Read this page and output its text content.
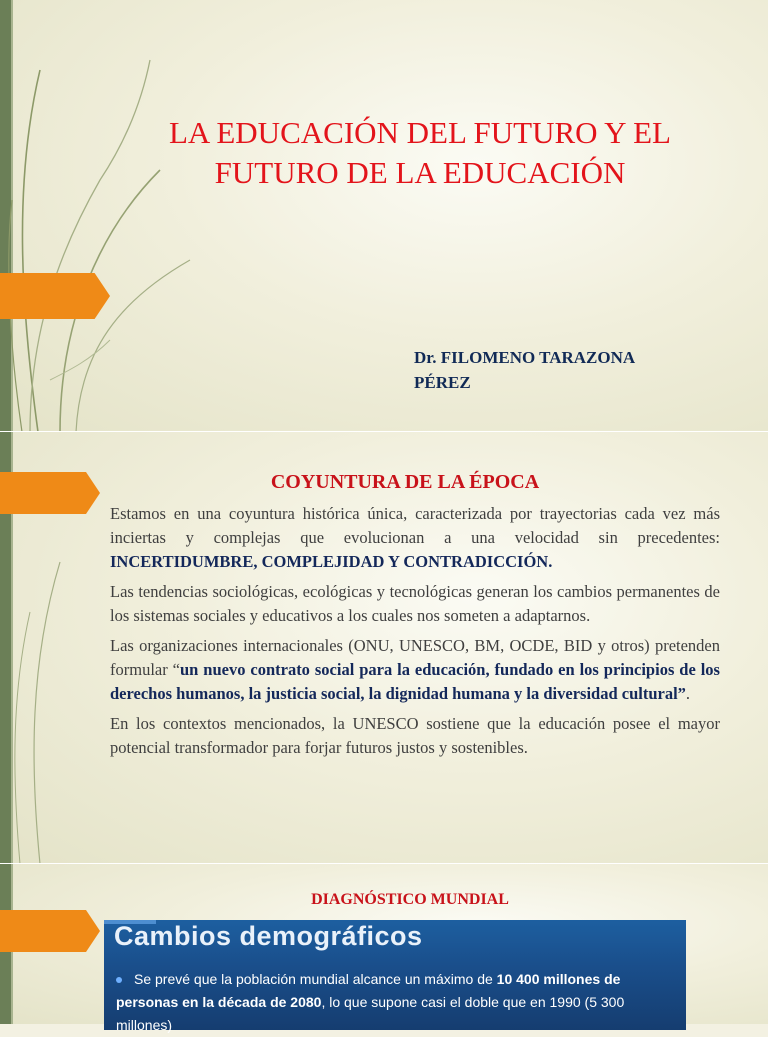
LA EDUCACIÓN DEL FUTURO Y EL
FUTURO DE LA EDUCACIÓN
Dr. FILOMENO TARAZONA
PÉREZ
COYUNTURA DE LA ÉPOCA
Estamos en una coyuntura histórica única, caracterizada por trayectorias cada vez más inciertas y complejas que evolucionan a una velocidad sin precedentes: INCERTIDUMBRE, COMPLEJIDAD Y CONTRADICCIÓN.
Las tendencias sociológicas, ecológicas y tecnológicas generan los cambios permanentes de los sistemas sociales y educativos a los cuales nos someten a adaptarnos.
Las organizaciones internacionales (ONU, UNESCO, BM, OCDE, BID y otros) pretenden formular “un nuevo contrato social para la educación, fundado en los principios de los derechos humanos, la justicia social, la dignidad humana y la diversidad cultural”.
En los contextos mencionados, la UNESCO sostiene que la educación posee el mayor potencial transformador para forjar futuros justos y sostenibles.
DIAGNÓSTICO MUNDIAL
Cambios demográficos
Se prevé que la población mundial alcance un máximo de 10 400 millones de personas en la década de 2080, lo que supone casi el doble que en 1990 (5 300 millones)
